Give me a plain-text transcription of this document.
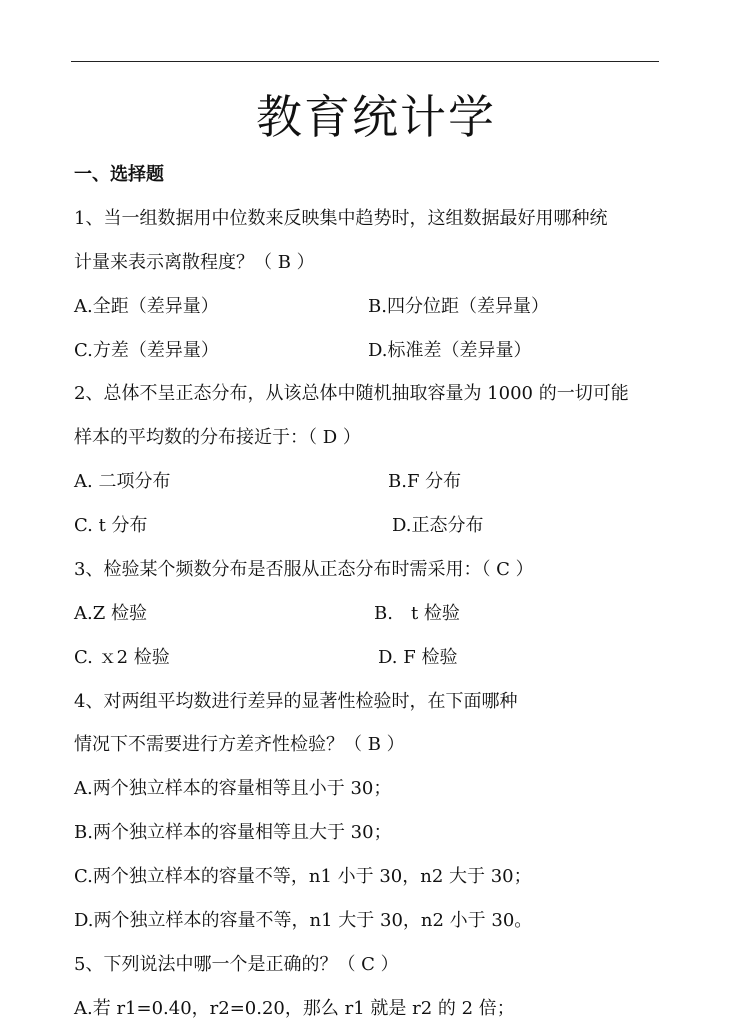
教育统计学
一、选择题
1、当一组数据用中位数来反映集中趋势时，这组数据最好用哪种统
计量来表示离散程度？（ B ）
A.全距（差异量）	B.四分位距（差异量）
C.方差（差异量）	D.标准差（差异量）
2、总体不呈正态分布，从该总体中随机抽取容量为 1000 的一切可能
样本的平均数的分布接近于：（ D ）
A. 二项分布	B.F 分布
C. t 分布	D.正态分布
3、检验某个频数分布是否服从正态分布时需采用：（ C ）
A.Z 检验	B.　t 检验
C. ｘ2 检验	D. F 检验
4、对两组平均数进行差异的显著性检验时，在下面哪种
情况下不需要进行方差齐性检验？（ B ）
A.两个独立样本的容量相等且小于 30；
B.两个独立样本的容量相等且大于 30；
C.两个独立样本的容量不等，n1 小于 30，n2 大于 30；
D.两个独立样本的容量不等，n1 大于 30，n2 小于 30。
5、下列说法中哪一个是正确的？（ C ）
A.若 r1=0.40，r2=0.20，那么 r1 就是 r2 的 2 倍；
